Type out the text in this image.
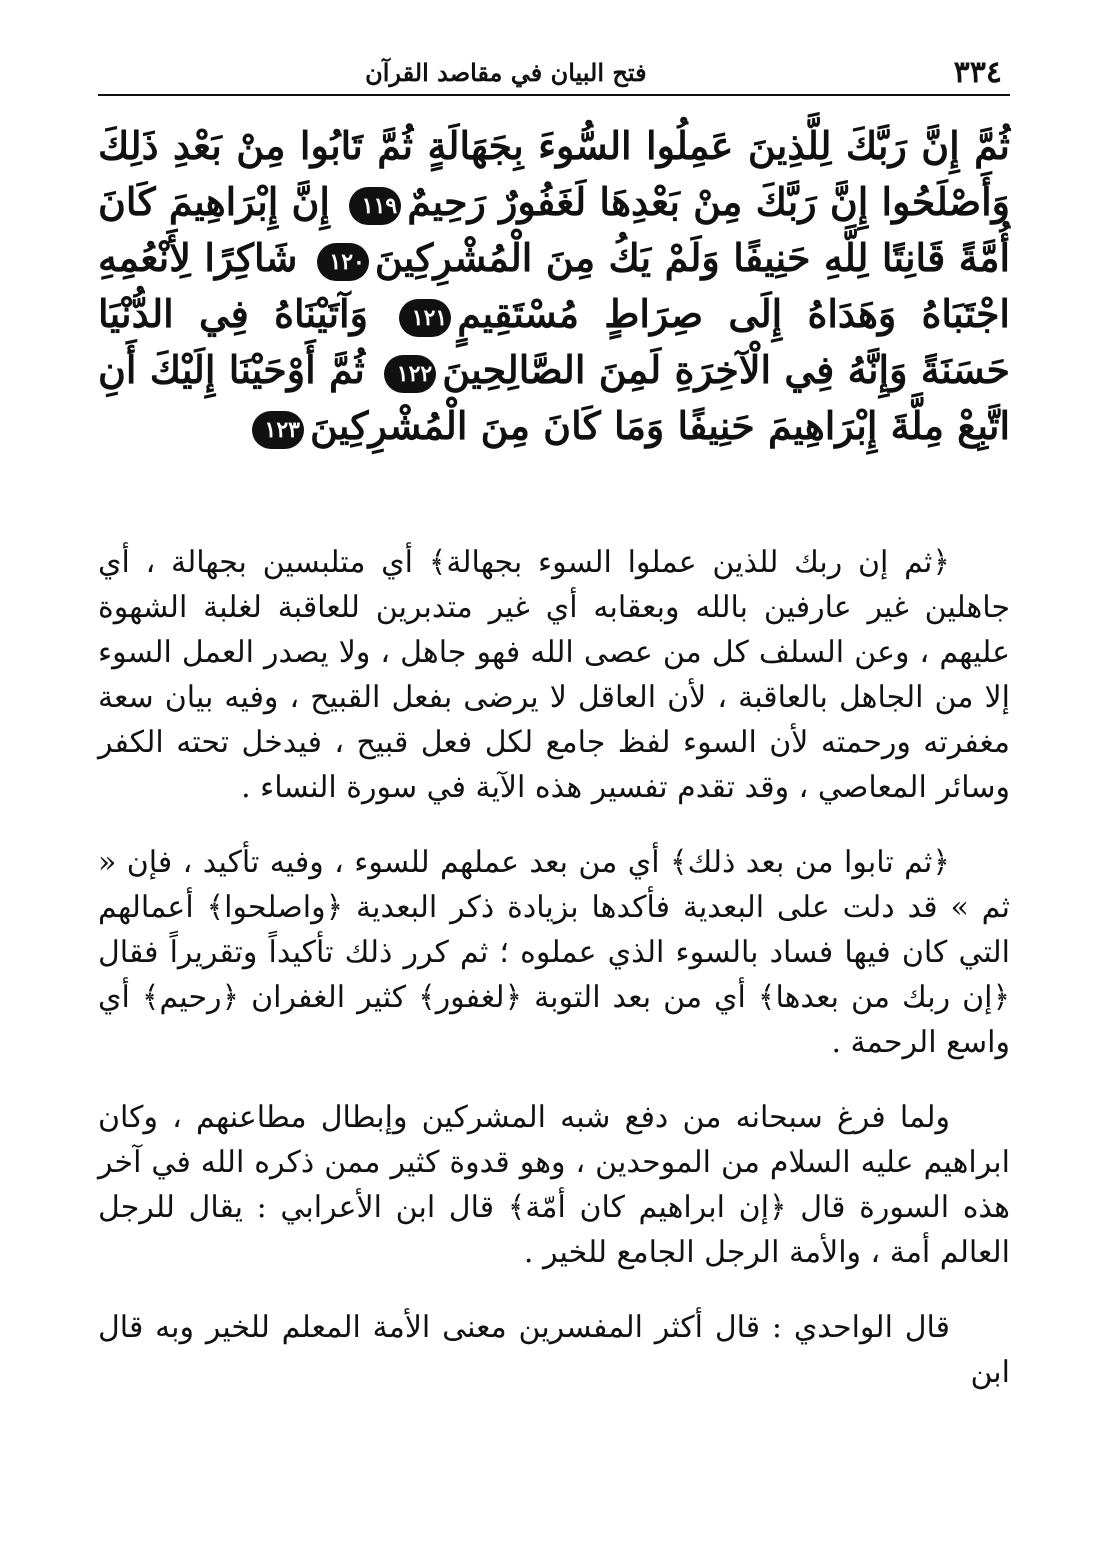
٣٣٤
فتح البيان في مقاصد القرآن
ثُمَّ إِنَّ رَبَّكَ لِلَّذِينَ عَمِلُوا السُّوءَ بِجَهَالَةٍ ثُمَّ تَابُوا مِنْ بَعْدِ ذَلِكَ وَأَصْلَحُوا إِنَّ رَبَّكَ مِنْ بَعْدِهَا لَغَفُورٌ رَحِيمٌ١١٩ إِنَّ إِبْرَاهِيمَ كَانَ أُمَّةً قَانِتًا لِلَّهِ حَنِيفًا وَلَمْ يَكُ مِنَ الْمُشْرِكِينَ١٢٠ شَاكِرًا لِأَنْعُمِهِ اجْتَبَاهُ وَهَدَاهُ إِلَى صِرَاطٍ مُسْتَقِيمٍ١٢١ وَآتَيْنَاهُ فِي الدُّنْيَا حَسَنَةً وَإِنَّهُ فِي الْآخِرَةِ لَمِنَ الصَّالِحِينَ١٢٢ ثُمَّ أَوْحَيْنَا إِلَيْكَ أَنِ اتَّبِعْ مِلَّةَ إِبْرَاهِيمَ حَنِيفًا وَمَا كَانَ مِنَ الْمُشْرِكِينَ١٢٣

﴿ ثم إن ربك للذين عملوا السوء بجهالة ﴾ أي متلبسين بجهالة ، أي جاهلين غير عارفين بالله وبعقابه أي غير متدبرين للعاقبة لغلبة الشهوة عليهم ، وعن السلف كل من عصى الله فهو جاهل ، ولا يصدر العمل السوء إلا من الجاهل بالعاقبة ، لأن العاقل لا يرضى بفعل القبيح ، وفيه بيان سعة مغفرته ورحمته لأن السوء لفظ جامع لكل فعل قبيح ، فيدخل تحته الكفر وسائر المعاصي ، وقد تقدم تفسير هذه الآية في سورة النساء .

﴿ ثم تابوا من بعد ذلك ﴾ أي من بعد عملهم للسوء ، وفيه تأكيد ، فإن « ثم » قد دلت على البعدية فأكدها بزيادة ذكر البعدية ﴿ واصلحوا ﴾ أعمالهم التي كان فيها فساد بالسوء الذي عملوه ؛ ثم كرر ذلك تأكيداً وتقريراً فقال ﴿ إن ربك من بعدها ﴾ أي من بعد التوبة ﴿ لغفور ﴾ كثير الغفران ﴿ رحيم ﴾ أي واسع الرحمة .

ولما فرغ سبحانه من دفع شبه المشركين وإبطال مطاعنهم ، وكان ابراهيم عليه السلام من الموحدين ، وهو قدوة كثير ممن ذكره الله في آخر هذه السورة قال ﴿ إن ابراهيم كان أمّة ﴾ قال ابن الأعرابي : يقال للرجل العالم أمة ، والأمة الرجل الجامع للخير .

قال الواحدي : قال أكثر المفسرين معنى الأمة المعلم للخير وبه قال ابن
